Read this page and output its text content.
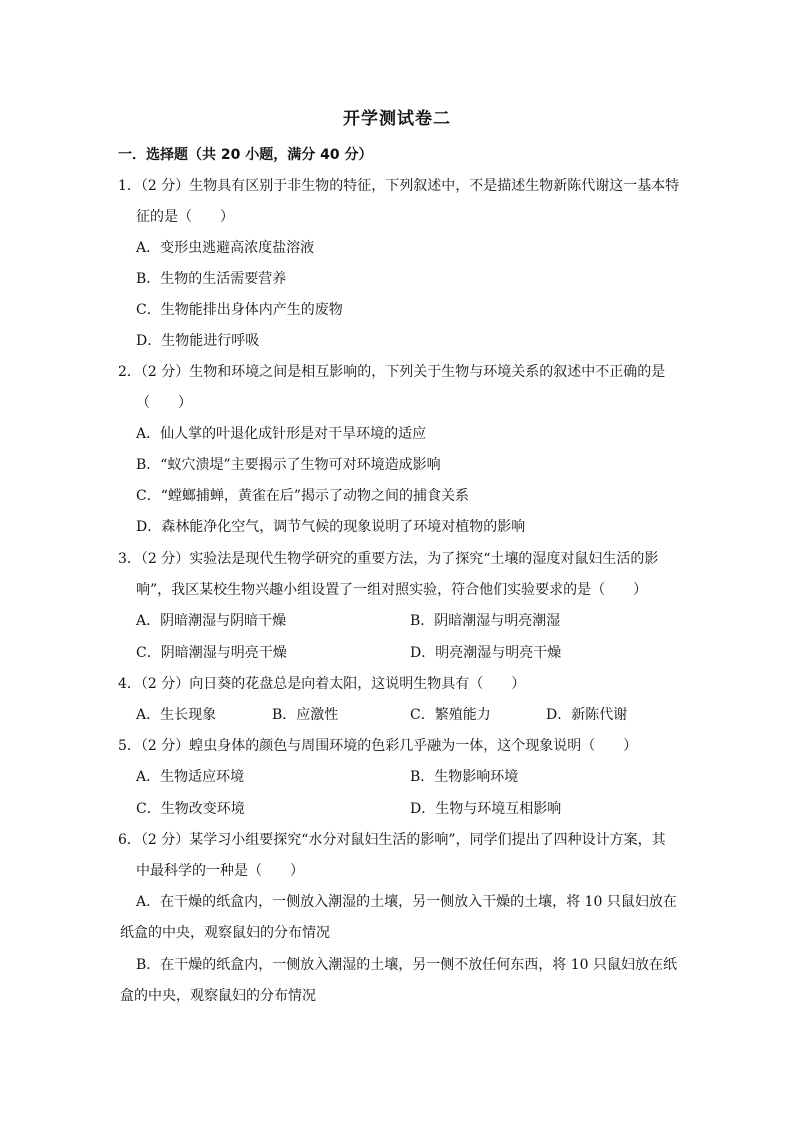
开学测试卷二
一．选择题（共 20 小题，满分 40 分）
1．（2 分）生物具有区别于非生物的特征，下列叙述中，不是描述生物新陈代谢这一基本特
征的是（　　）
A．变形虫逃避高浓度盐溶液
B．生物的生活需要营养
C．生物能排出身体内产生的废物
D．生物能进行呼吸
2．（2 分）生物和环境之间是相互影响的，下列关于生物与环境关系的叙述中不正确的是
（　　）
A．仙人掌的叶退化成针形是对干旱环境的适应
B．“蚁穴溃堤”主要揭示了生物可对环境造成影响
C．“螳螂捕蝉，黄雀在后”揭示了动物之间的捕食关系
D．森林能净化空气，调节气候的现象说明了环境对植物的影响
3．（2 分）实验法是现代生物学研究的重要方法，为了探究“土壤的湿度对鼠妇生活的影
响”，我区某校生物兴趣小组设置了一组对照实验，符合他们实验要求的是（　　）
A．阴暗潮湿与阴暗干燥	B．阴暗潮湿与明亮潮湿
C．阴暗潮湿与明亮干燥	D．明亮潮湿与明亮干燥
4．（2 分）向日葵的花盘总是向着太阳，这说明生物具有（　　）
A．生长现象	B．应激性	C．繁殖能力	D．新陈代谢
5．（2 分）蝗虫身体的颜色与周围环境的色彩几乎融为一体，这个现象说明（　　）
A．生物适应环境	B．生物影响环境
C．生物改变环境	D．生物与环境互相影响
6．（2 分）某学习小组要探究“水分对鼠妇生活的影响”，同学们提出了四种设计方案，其
中最科学的一种是（　　）
A．在干燥的纸盒内，一侧放入潮湿的土壤，另一侧放入干燥的土壤，将 10 只鼠妇放在
纸盒的中央，观察鼠妇的分布情况
B．在干燥的纸盒内，一侧放入潮湿的土壤，另一侧不放任何东西，将 10 只鼠妇放在纸
盒的中央，观察鼠妇的分布情况
